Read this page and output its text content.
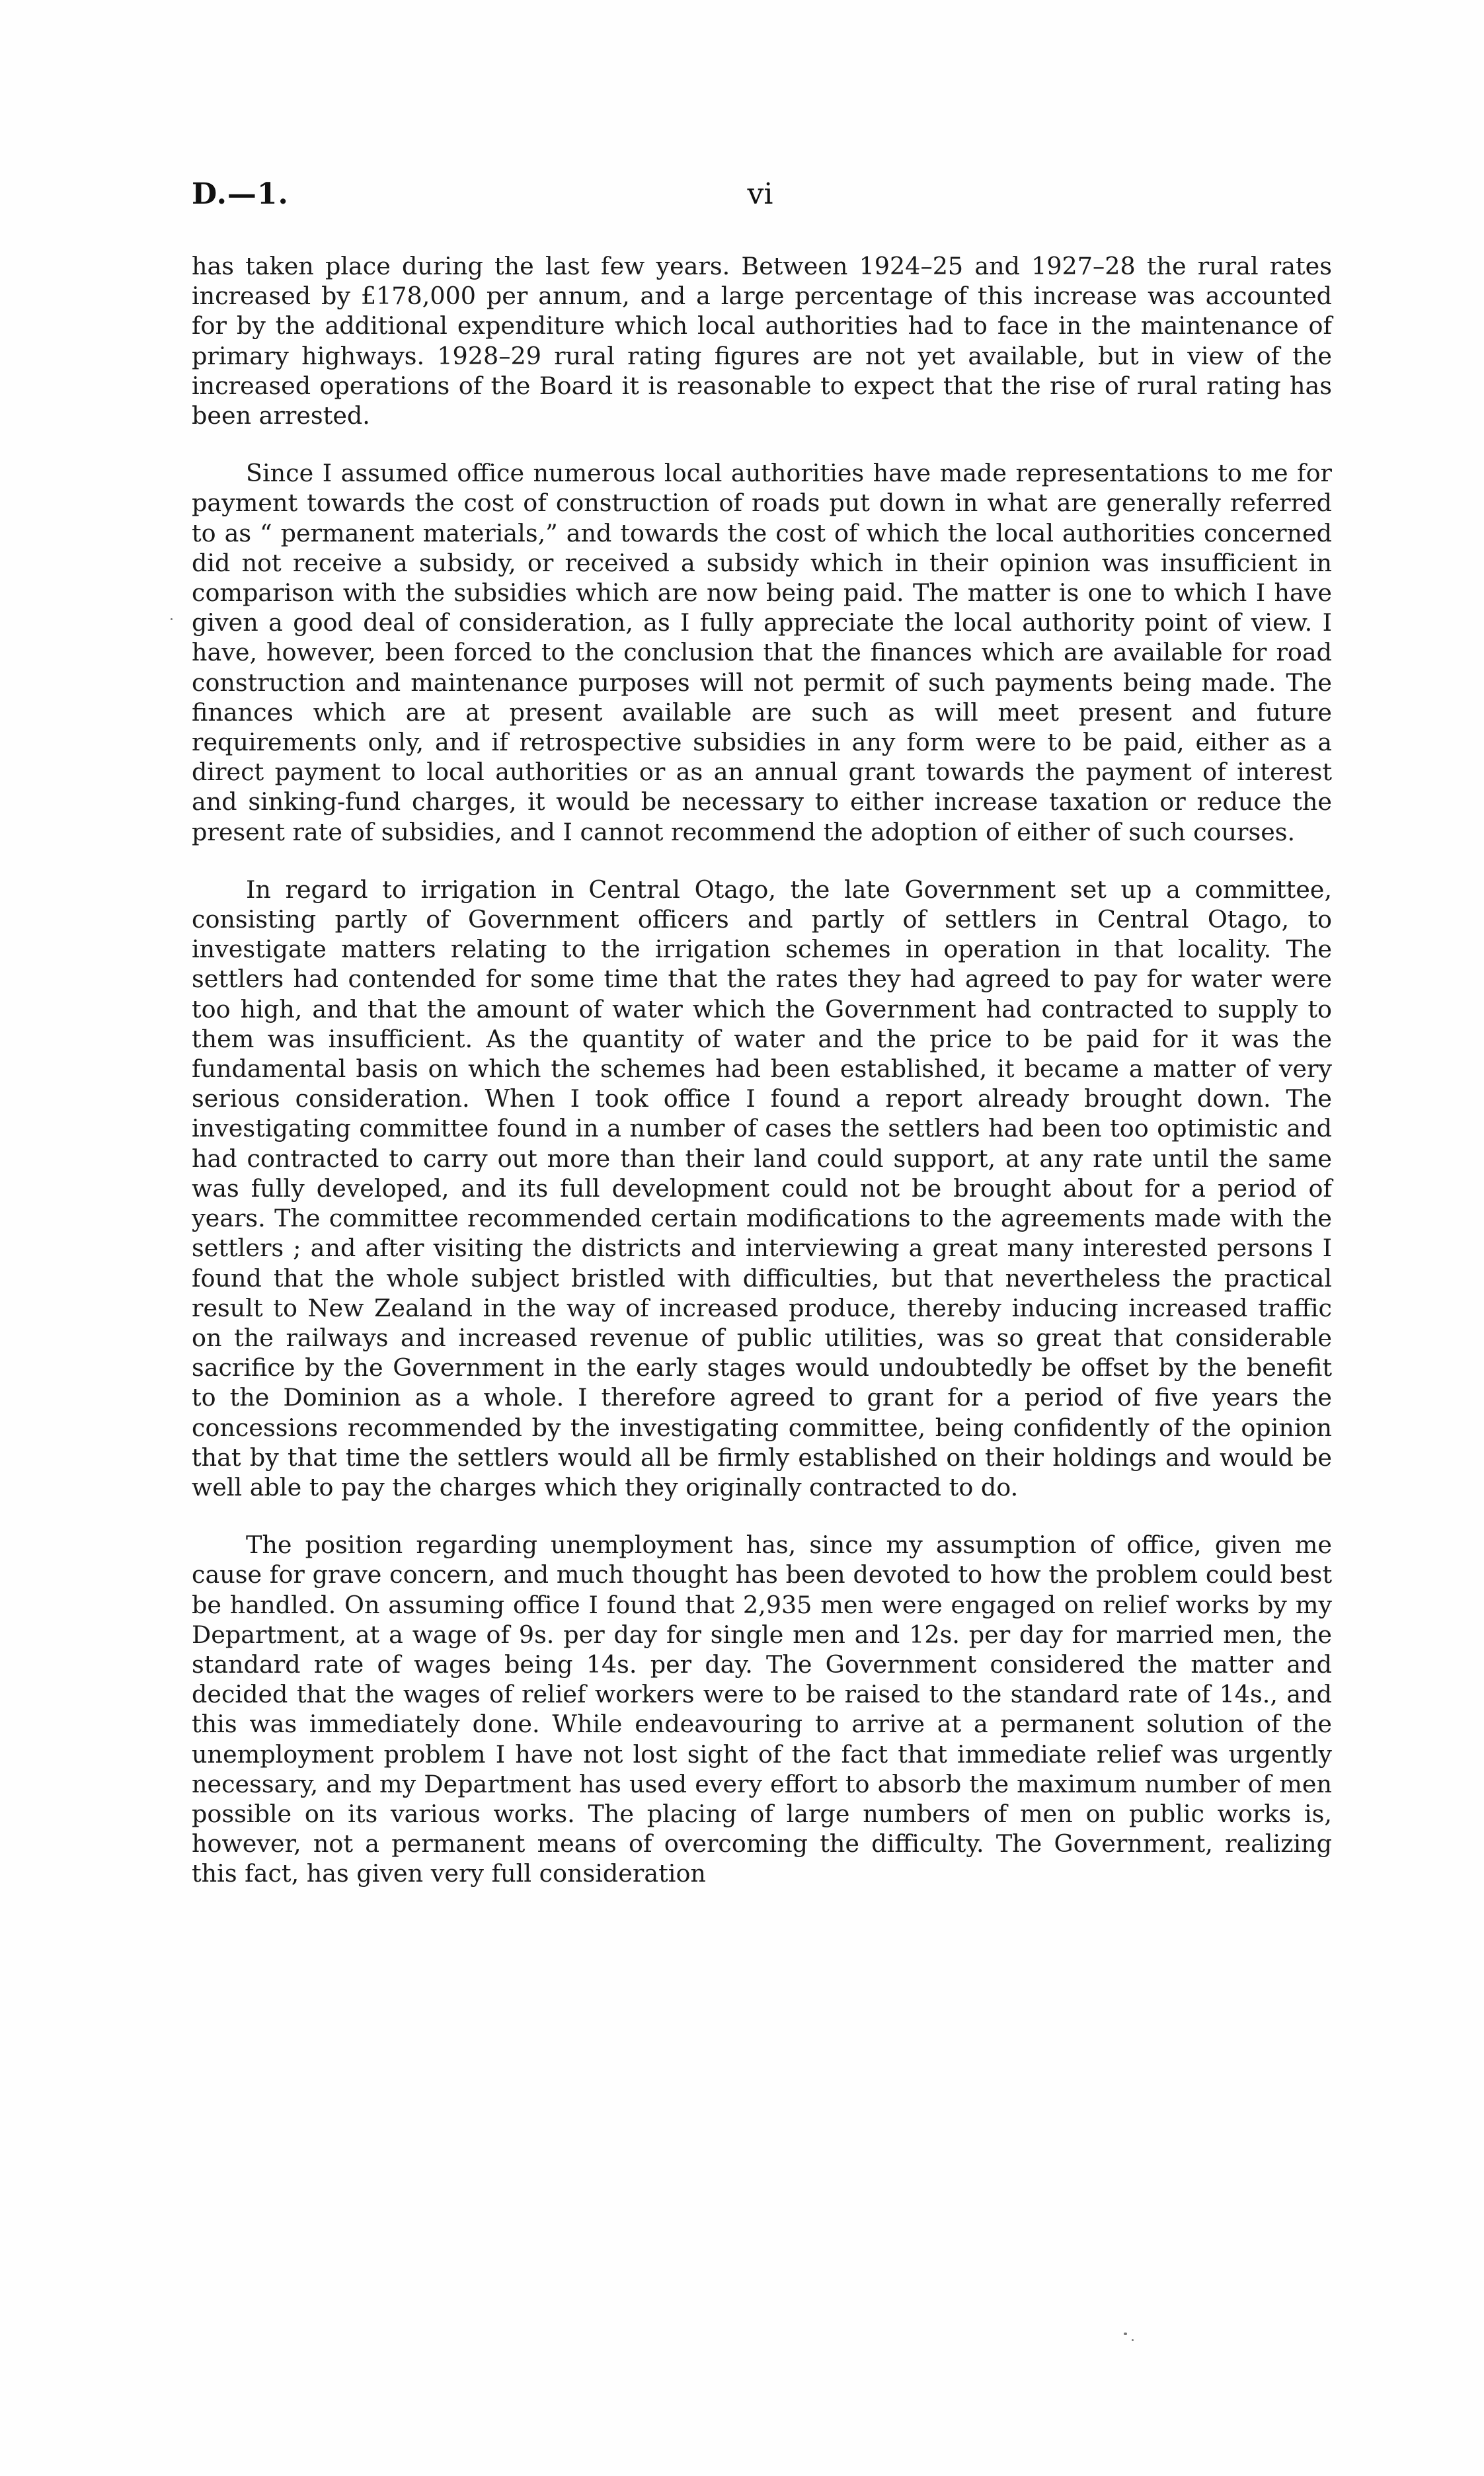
D.—1.	vi

has taken place during the last few years. Between 1924–25 and 1927–28 the rural rates increased by £178,000 per annum, and a large percentage of this increase was accounted for by the additional expenditure which local authorities had to face in the maintenance of primary highways. 1928–29 rural rating figures are not yet available, but in view of the increased operations of the Board it is reasonable to expect that the rise of rural rating has been arrested.

Since I assumed office numerous local authorities have made representations to me for payment towards the cost of construction of roads put down in what are generally referred to as “ permanent materials,” and towards the cost of which the local authorities concerned did not receive a subsidy, or received a subsidy which in their opinion was insufficient in comparison with the subsidies which are now being paid. The matter is one to which I have given a good deal of consideration, as I fully appreciate the local authority point of view. I have, however, been forced to the conclusion that the finances which are available for road construction and maintenance purposes will not permit of such payments being made. The finances which are at present available are such as will meet present and future requirements only, and if retrospective subsidies in any form were to be paid, either as a direct payment to local authorities or as an annual grant towards the payment of interest and sinking-fund charges, it would be necessary to either increase taxation or reduce the present rate of subsidies, and I cannot recommend the adoption of either of such courses.

In regard to irrigation in Central Otago, the late Government set up a committee, consisting partly of Government officers and partly of settlers in Central Otago, to investigate matters relating to the irrigation schemes in operation in that locality. The settlers had contended for some time that the rates they had agreed to pay for water were too high, and that the amount of water which the Government had contracted to supply to them was insufficient. As the quantity of water and the price to be paid for it was the fundamental basis on which the schemes had been established, it became a matter of very serious consideration. When I took office I found a report already brought down. The investigating committee found in a number of cases the settlers had been too optimistic and had contracted to carry out more than their land could support, at any rate until the same was fully developed, and its full development could not be brought about for a period of years. The committee recommended certain modifications to the agreements made with the settlers ; and after visiting the districts and interviewing a great many interested persons I found that the whole subject bristled with difficulties, but that nevertheless the practical result to New Zealand in the way of increased produce, thereby inducing increased traffic on the railways and increased revenue of public utilities, was so great that considerable sacrifice by the Government in the early stages would undoubtedly be offset by the benefit to the Dominion as a whole. I therefore agreed to grant for a period of five years the concessions recommended by the investigating committee, being confidently of the opinion that by that time the settlers would all be firmly established on their holdings and would be well able to pay the charges which they originally contracted to do.

The position regarding unemployment has, since my assumption of office, given me cause for grave concern, and much thought has been devoted to how the problem could best be handled. On assuming office I found that 2,935 men were engaged on relief works by my Department, at a wage of 9s. per day for single men and 12s. per day for married men, the standard rate of wages being 14s. per day. The Government considered the matter and decided that the wages of relief workers were to be raised to the standard rate of 14s., and this was immediately done. While endeavouring to arrive at a permanent solution of the unemployment problem I have not lost sight of the fact that immediate relief was urgently necessary, and my Department has used every effort to absorb the maximum number of men possible on its various works. The placing of large numbers of men on public works is, however, not a permanent means of overcoming the difficulty. The Government, realizing this fact, has given very full consideration
